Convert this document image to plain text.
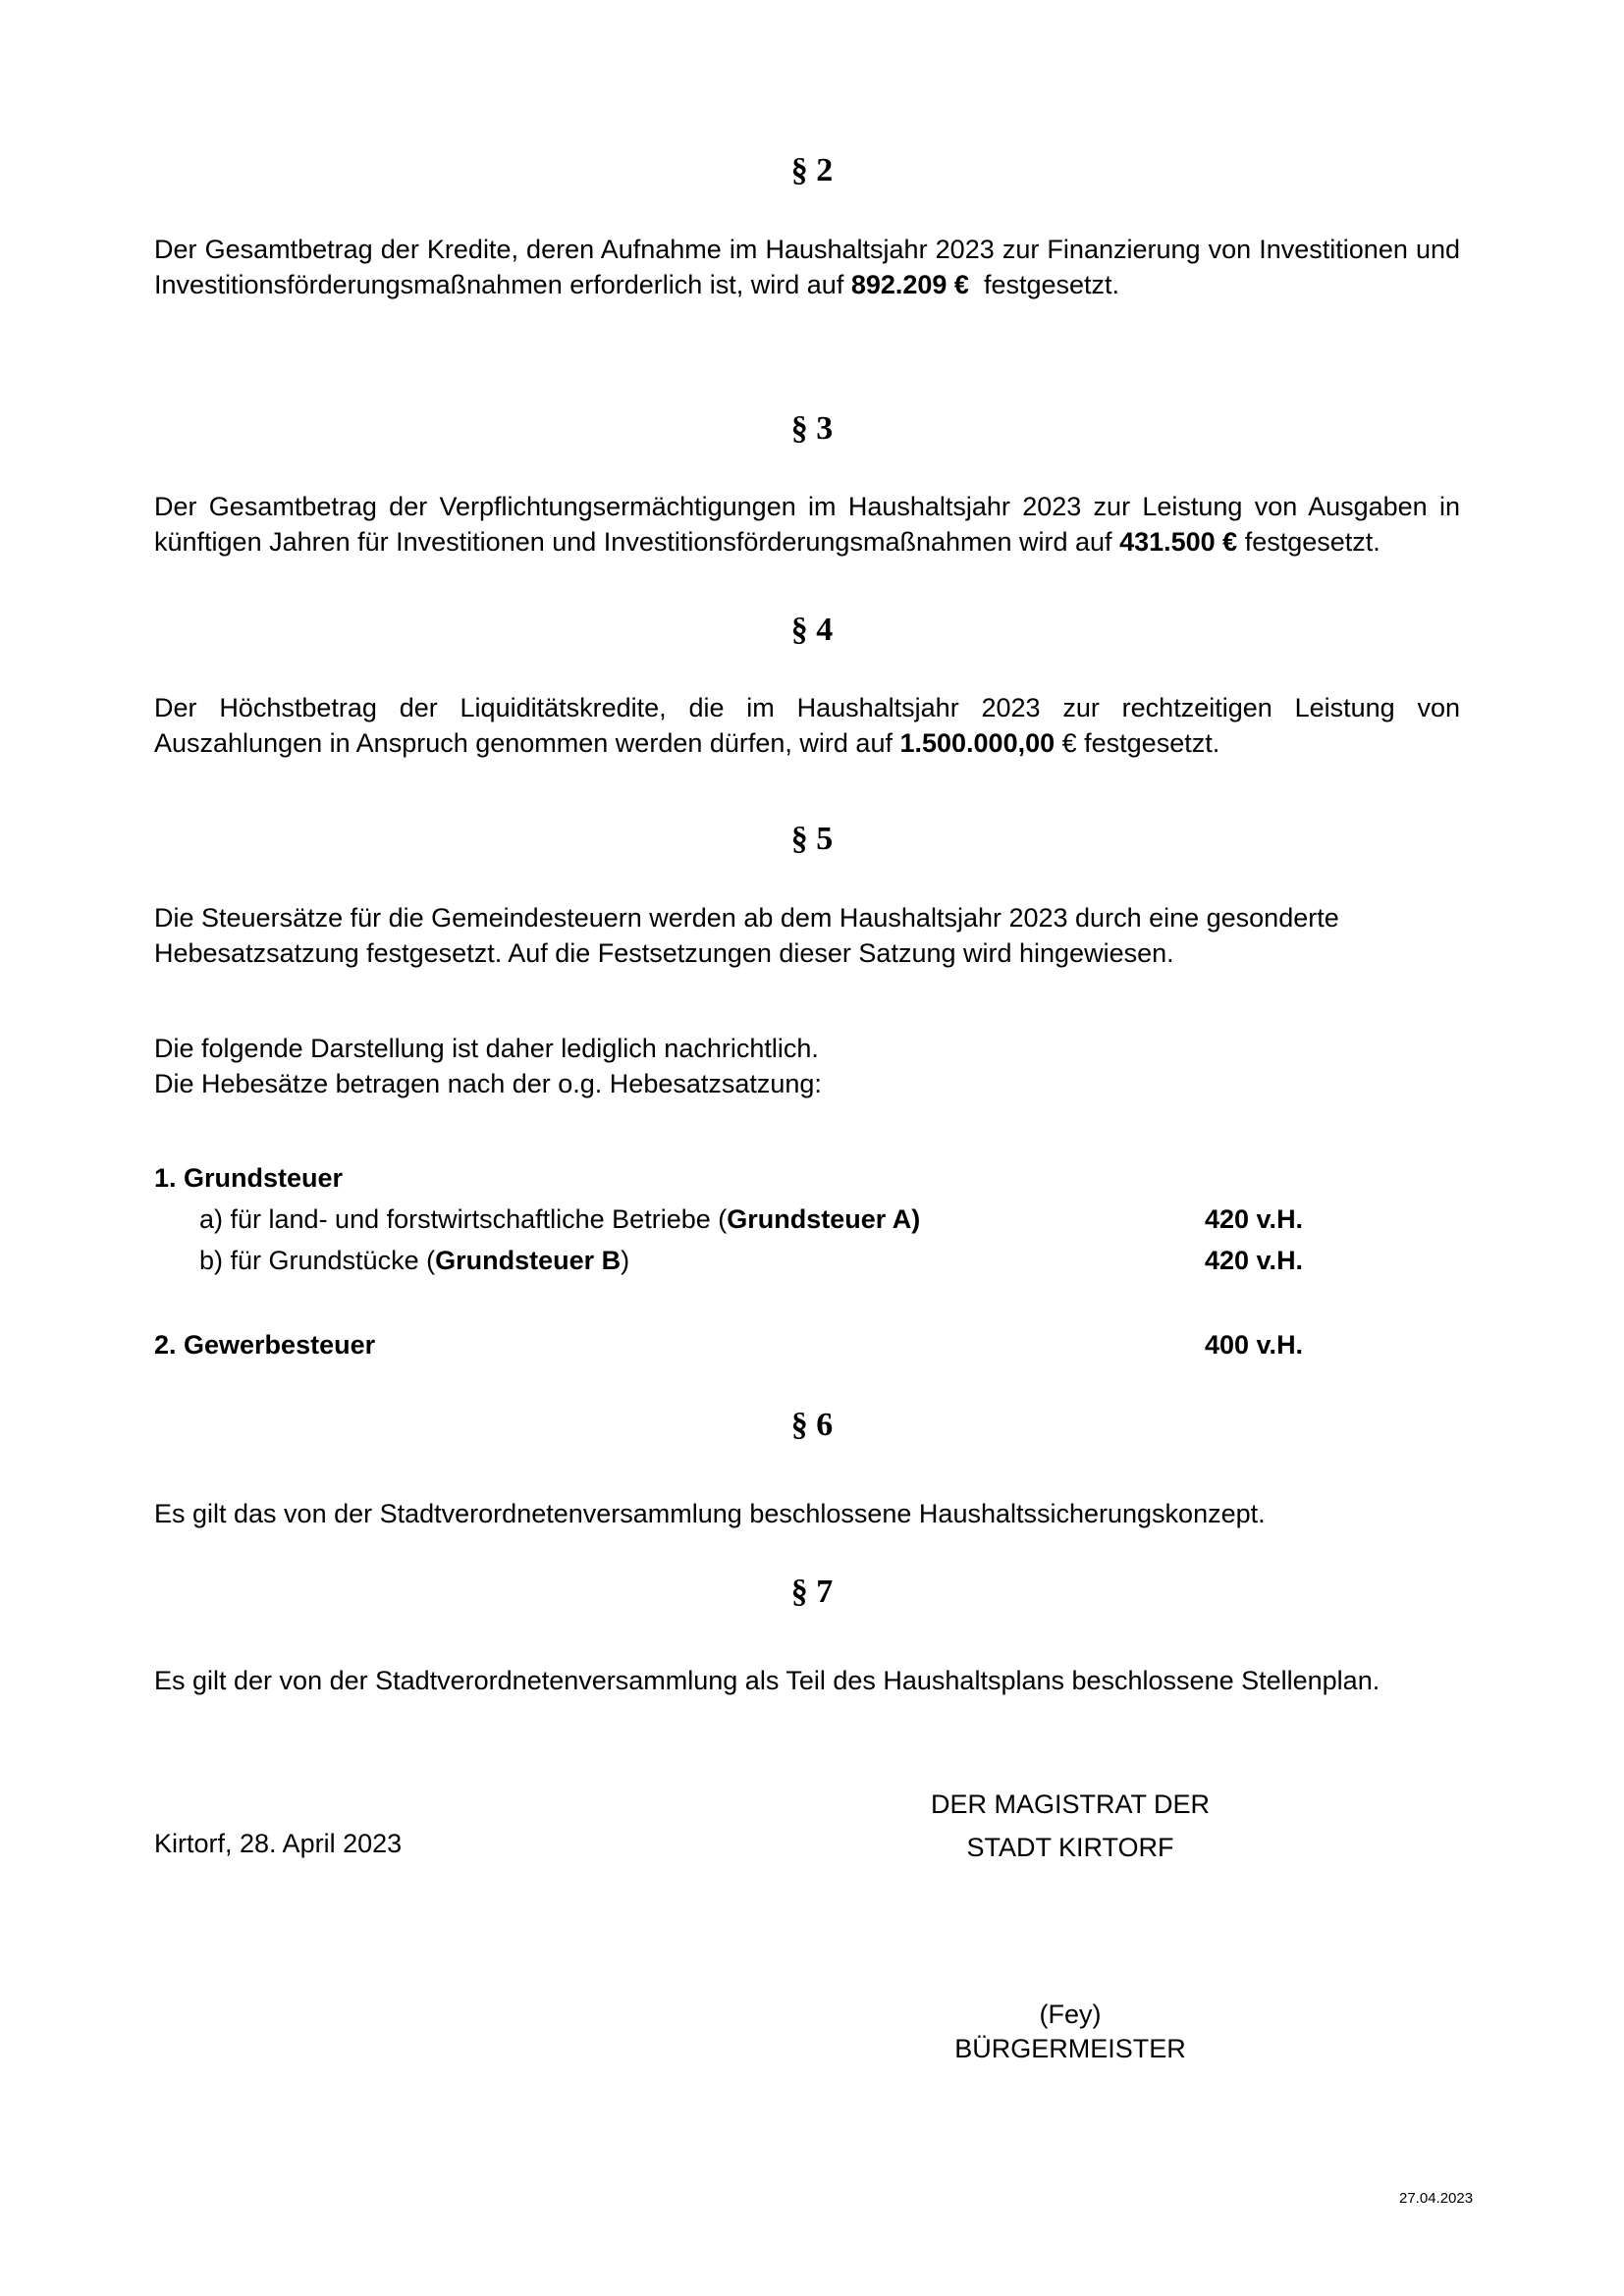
§ 2
Der Gesamtbetrag der Kredite, deren Aufnahme im Haushaltsjahr 2023 zur Finanzierung von Investitionen und Investitionsförderungsmaßnahmen erforderlich ist, wird auf 892.209 €  festgesetzt.
§ 3
Der Gesamtbetrag der Verpflichtungsermächtigungen im Haushaltsjahr 2023 zur Leistung von Ausgaben in künftigen Jahren für Investitionen und Investitionsförderungsmaßnahmen wird auf 431.500 € festgesetzt.
§ 4
Der Höchstbetrag der Liquiditätskredite, die im Haushaltsjahr 2023 zur rechtzeitigen Leistung von Auszahlungen in Anspruch genommen werden dürfen, wird auf 1.500.000,00 € festgesetzt.
§ 5
Die Steuersätze für die Gemeindesteuern werden ab dem Haushaltsjahr 2023 durch eine gesonderte Hebesatzsatzung festgesetzt. Auf die Festsetzungen dieser Satzung wird hingewiesen.
Die folgende Darstellung ist daher lediglich nachrichtlich.
Die Hebesätze betragen nach der o.g. Hebesatzsatzung:
1. Grundsteuer
a) für land- und forstwirtschaftliche Betriebe (Grundsteuer A)	420 v.H.
b) für Grundstücke (Grundsteuer B)	420 v.H.
2. Gewerbesteuer	400 v.H.
§ 6
Es gilt das von der Stadtverordnetenversammlung beschlossene Haushaltssicherungskonzept.
§ 7
Es gilt der von der Stadtverordnetenversammlung als Teil des Haushaltsplans beschlossene Stellenplan.
Kirtorf, 28. April 2023
DER MAGISTRAT DER
STADT KIRTORF
(Fey)
BÜRGERMEISTER
27.04.2023
